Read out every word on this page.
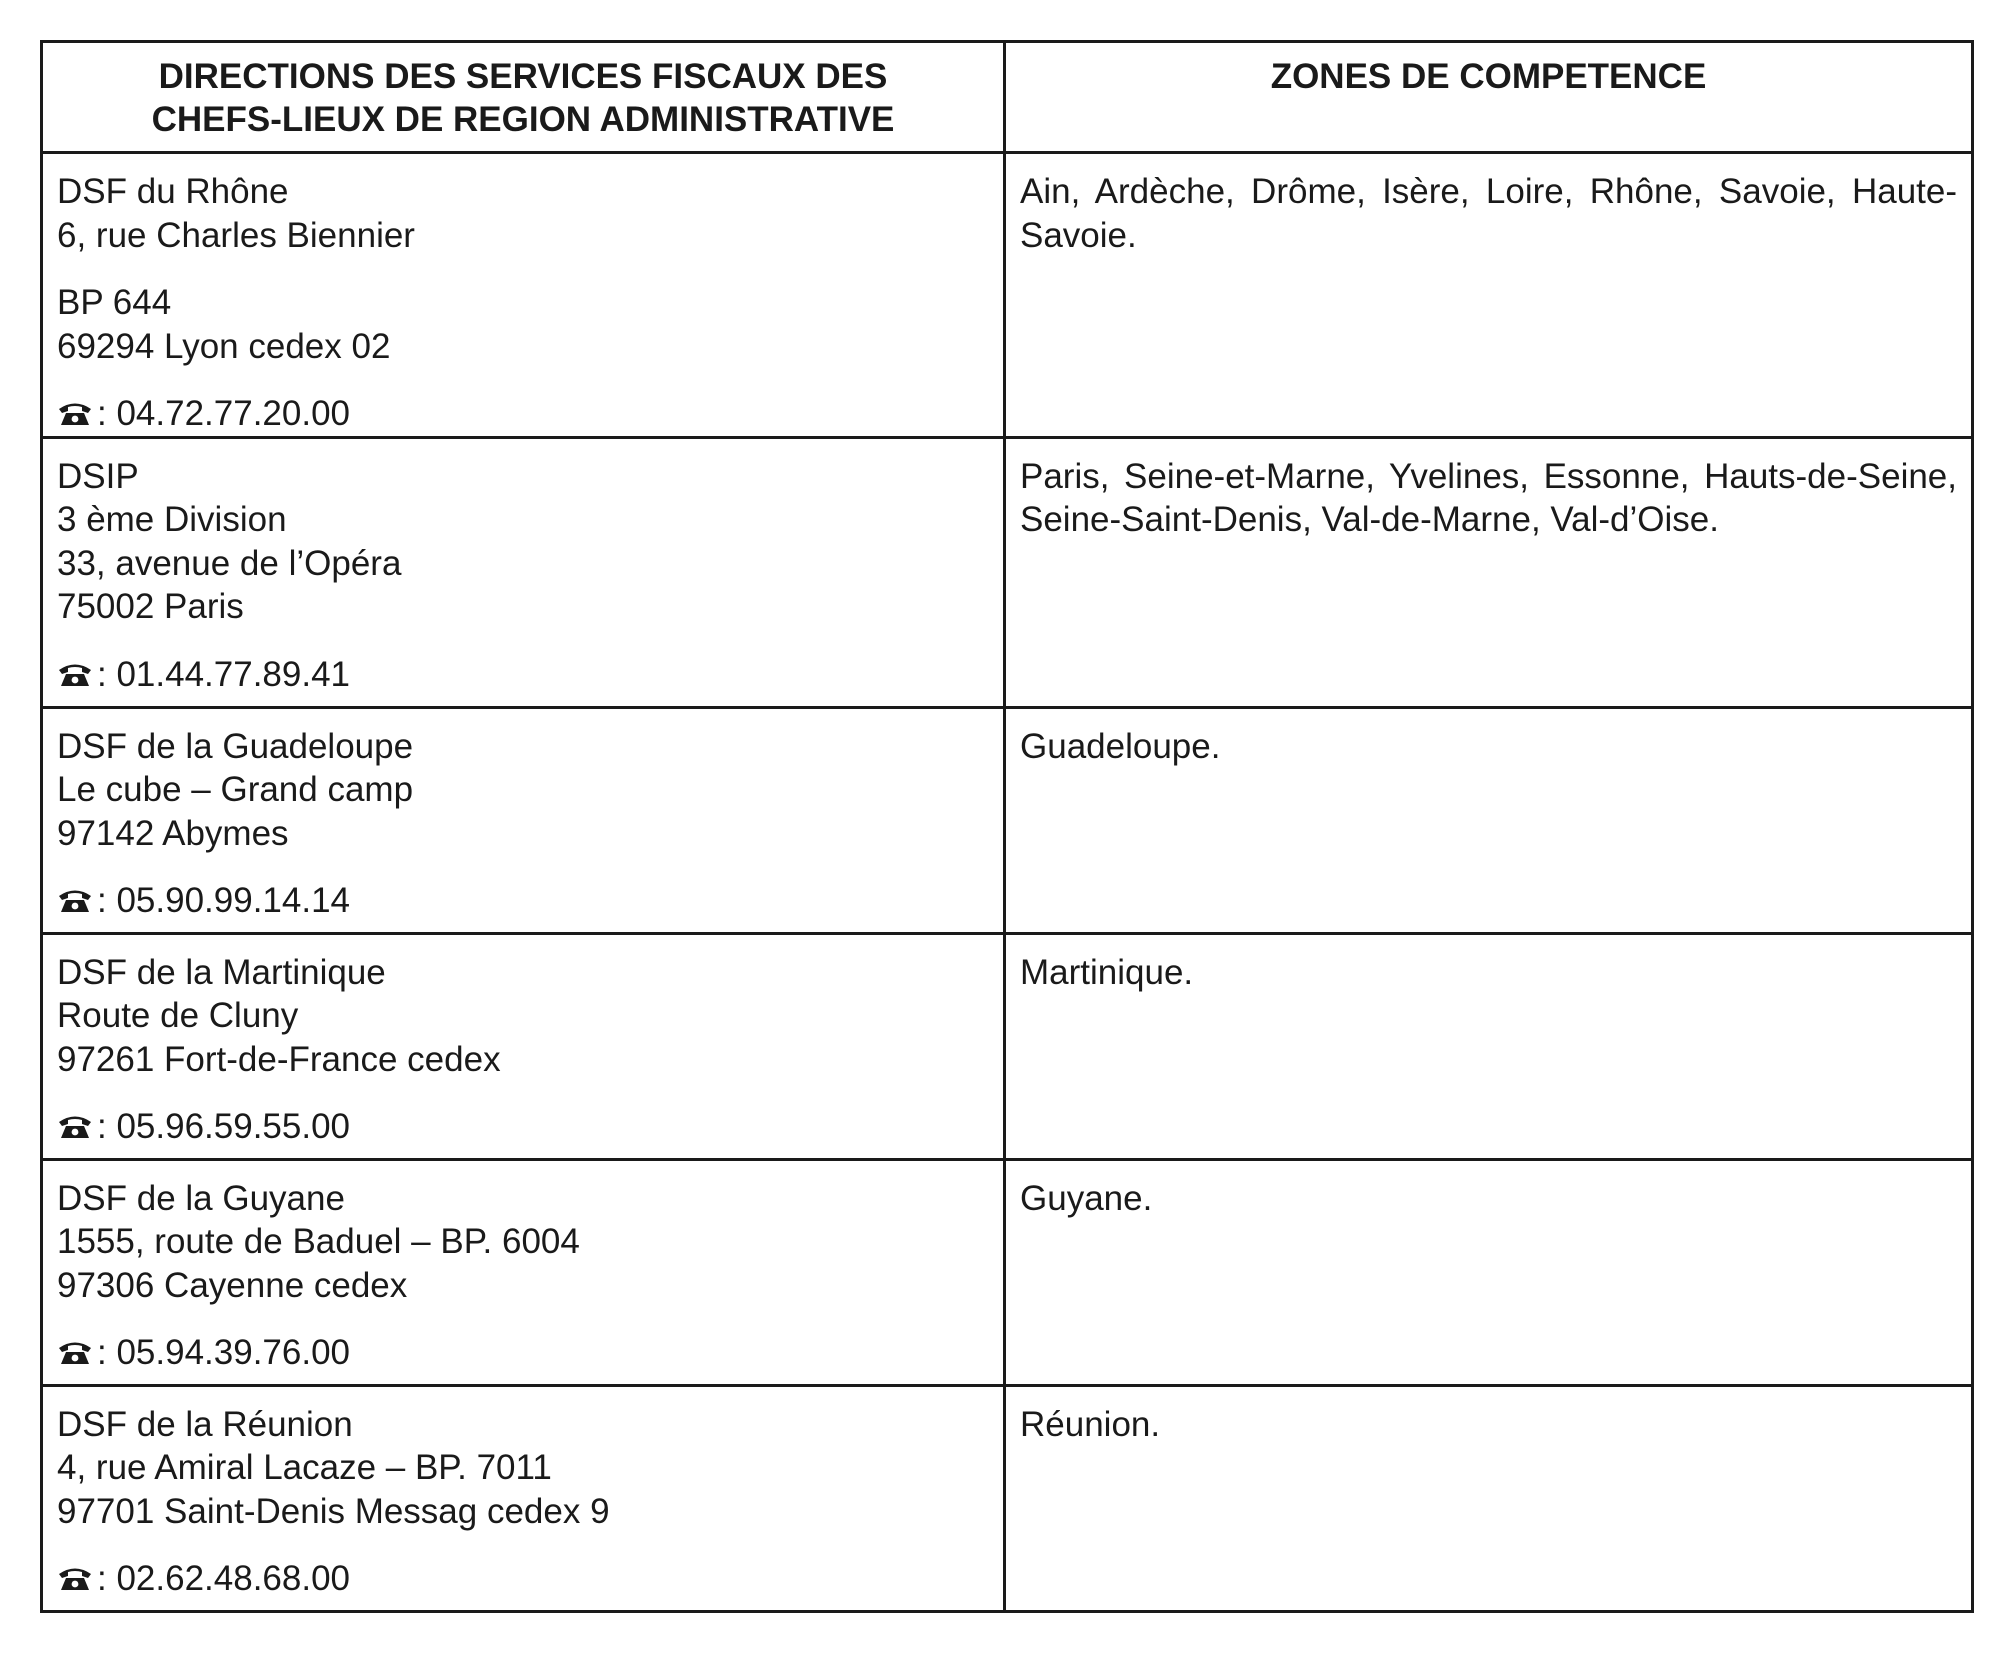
DIRECTIONS DES SERVICES FISCAUX DES
CHEFS-LIEUX DE REGION ADMINISTRATIVE	ZONES DE COMPETENCE

DSF du Rhône
6, rue Charles Biennier
BP 644
69294 Lyon cedex 02
: 04.72.77.20.00	Ain, Ardèche, Drôme, Isère, Loire, Rhône, Savoie, Haute-Savoie.

DSIP
3 ème Division
33, avenue de l’Opéra
75002 Paris
: 01.44.77.89.41	Paris, Seine-et-Marne, Yvelines, Essonne, Hauts-de-Seine, Seine-Saint-Denis, Val-de-Marne, Val-d’Oise.

DSF de la Guadeloupe
Le cube – Grand camp
97142 Abymes
: 05.90.99.14.14	Guadeloupe.

DSF de la Martinique
Route de Cluny
97261 Fort-de-France cedex
: 05.96.59.55.00	Martinique.

DSF de la Guyane
1555, route de Baduel – BP. 6004
97306 Cayenne cedex
: 05.94.39.76.00	Guyane.

DSF de la Réunion
4, rue Amiral Lacaze – BP. 7011
97701 Saint-Denis Messag cedex 9
: 02.62.48.68.00	Réunion.
